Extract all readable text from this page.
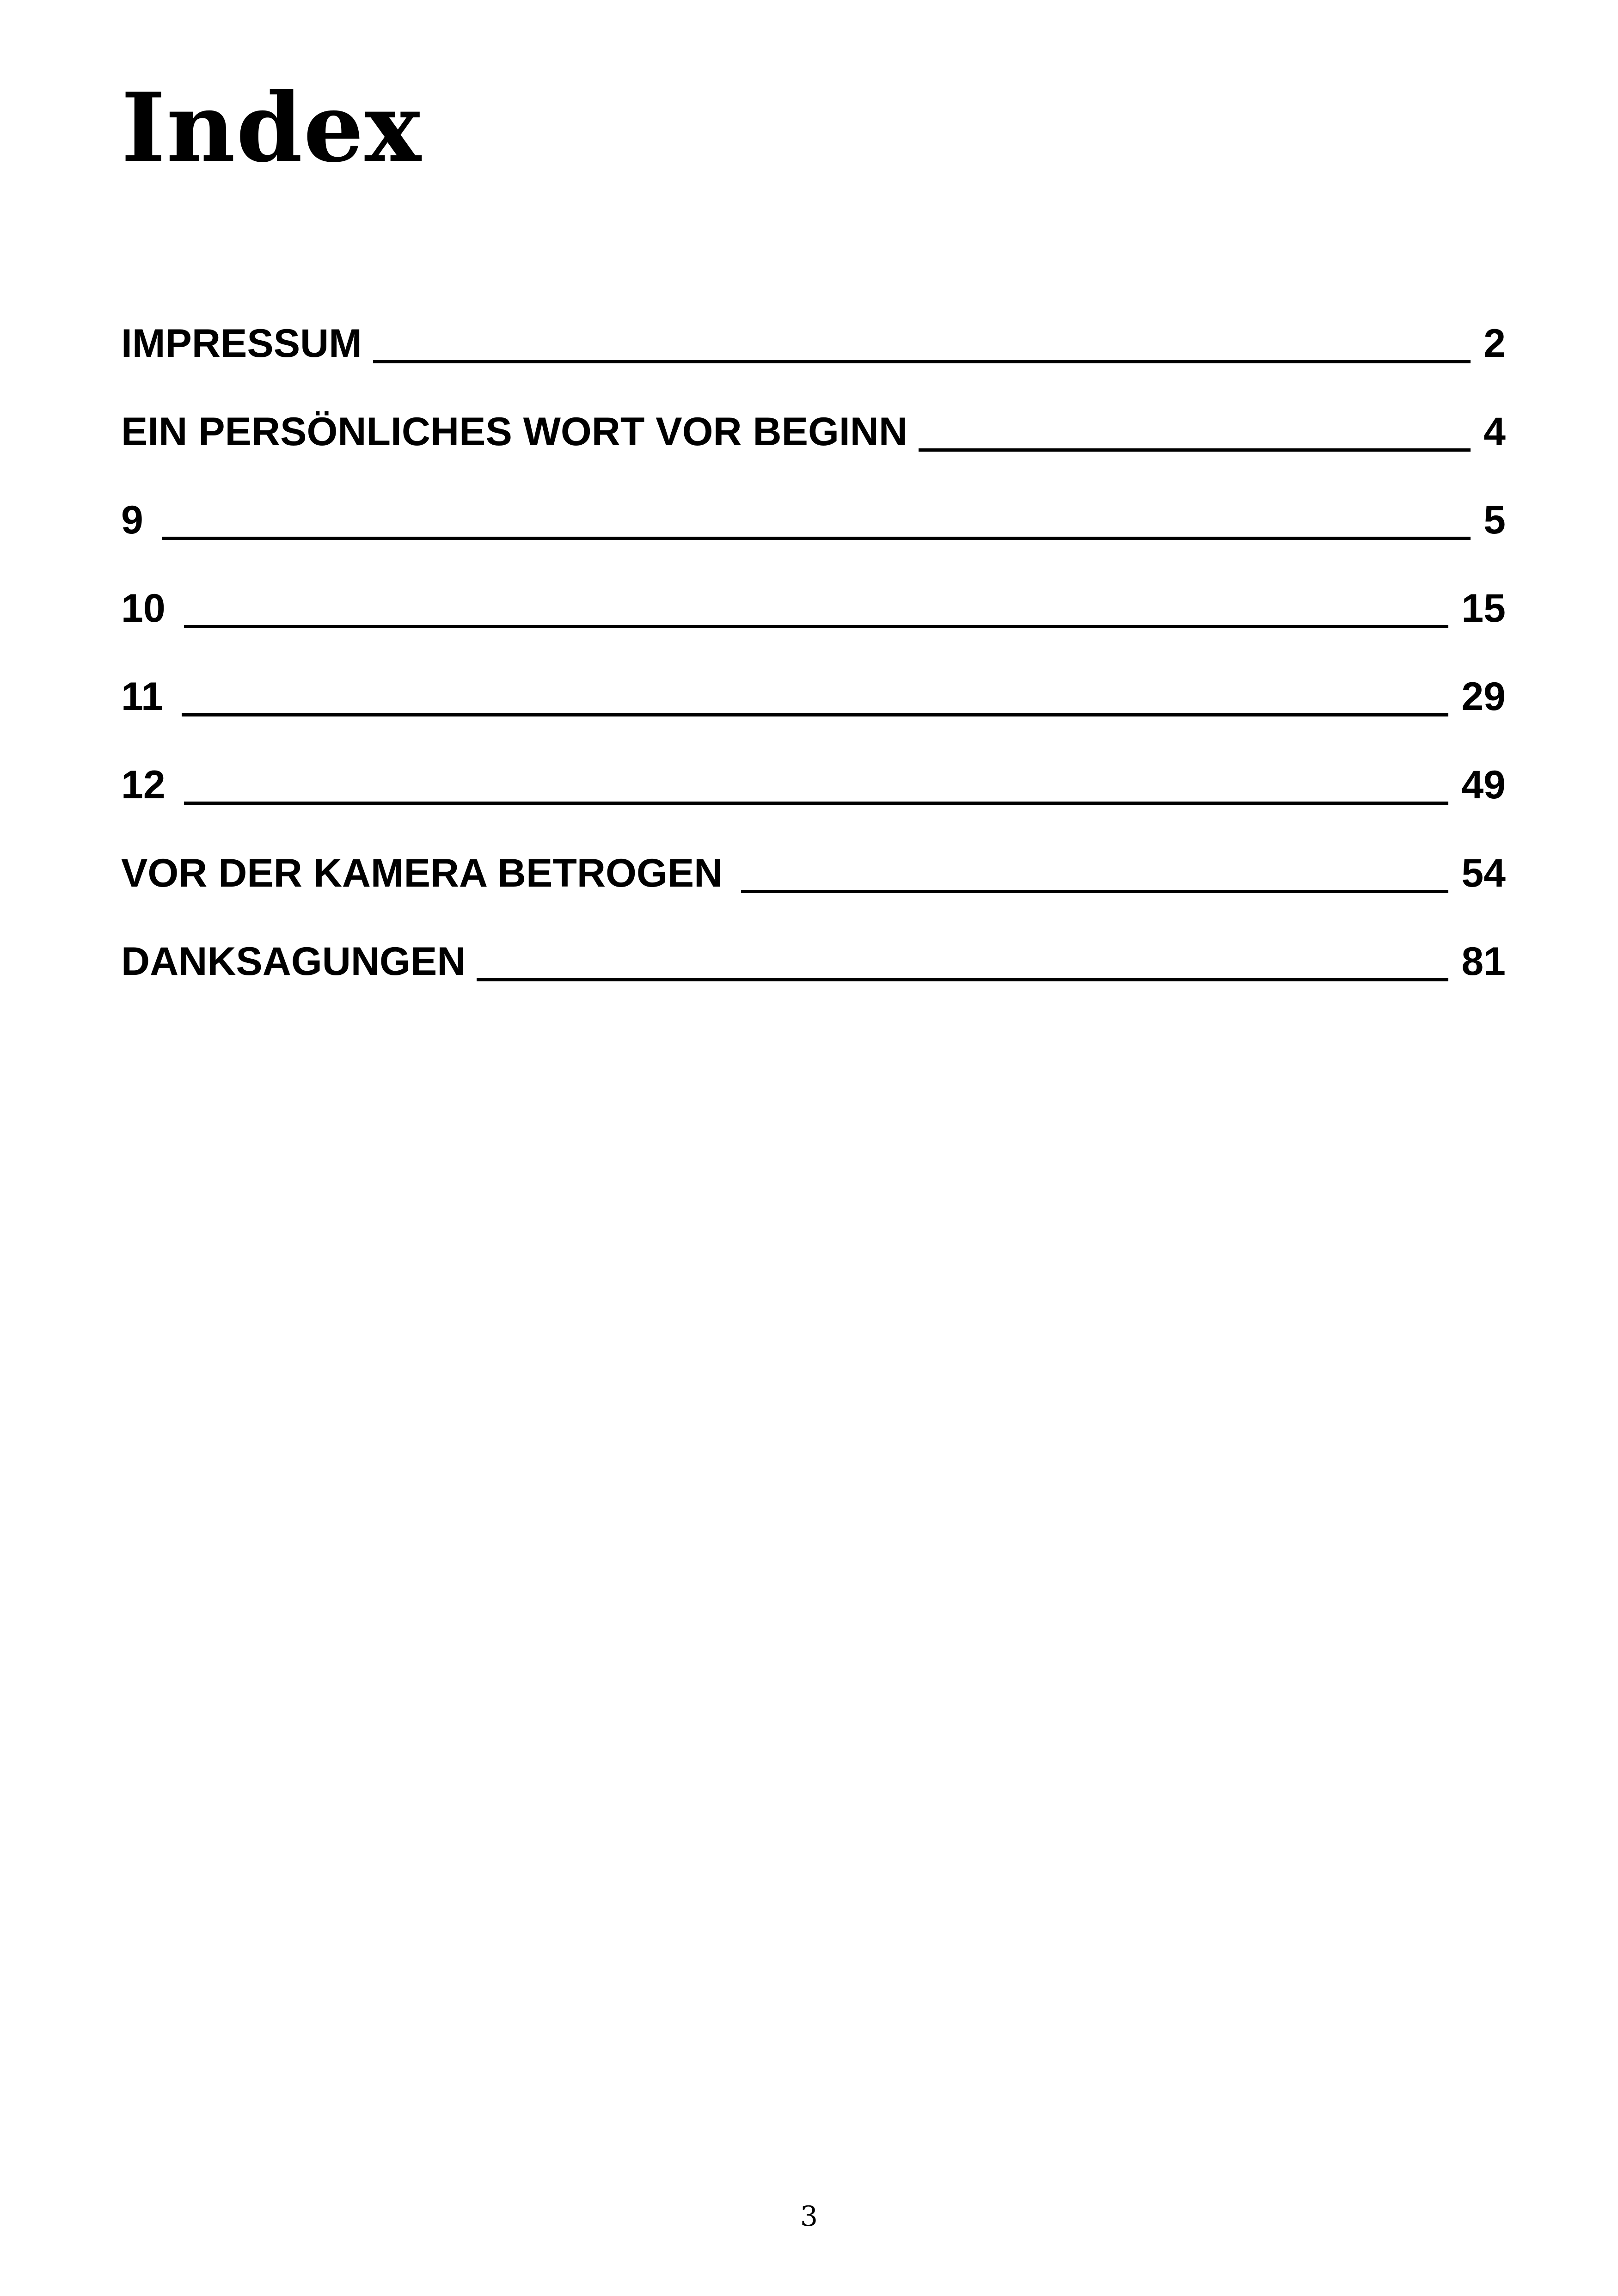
Index
IMPRESSUM	2
EIN PERSÖNLICHES WORT VOR BEGINN	4
9	5
10	15
11	29
12	49
VOR DER KAMERA BETROGEN	54
DANKSAGUNGEN	81
3
